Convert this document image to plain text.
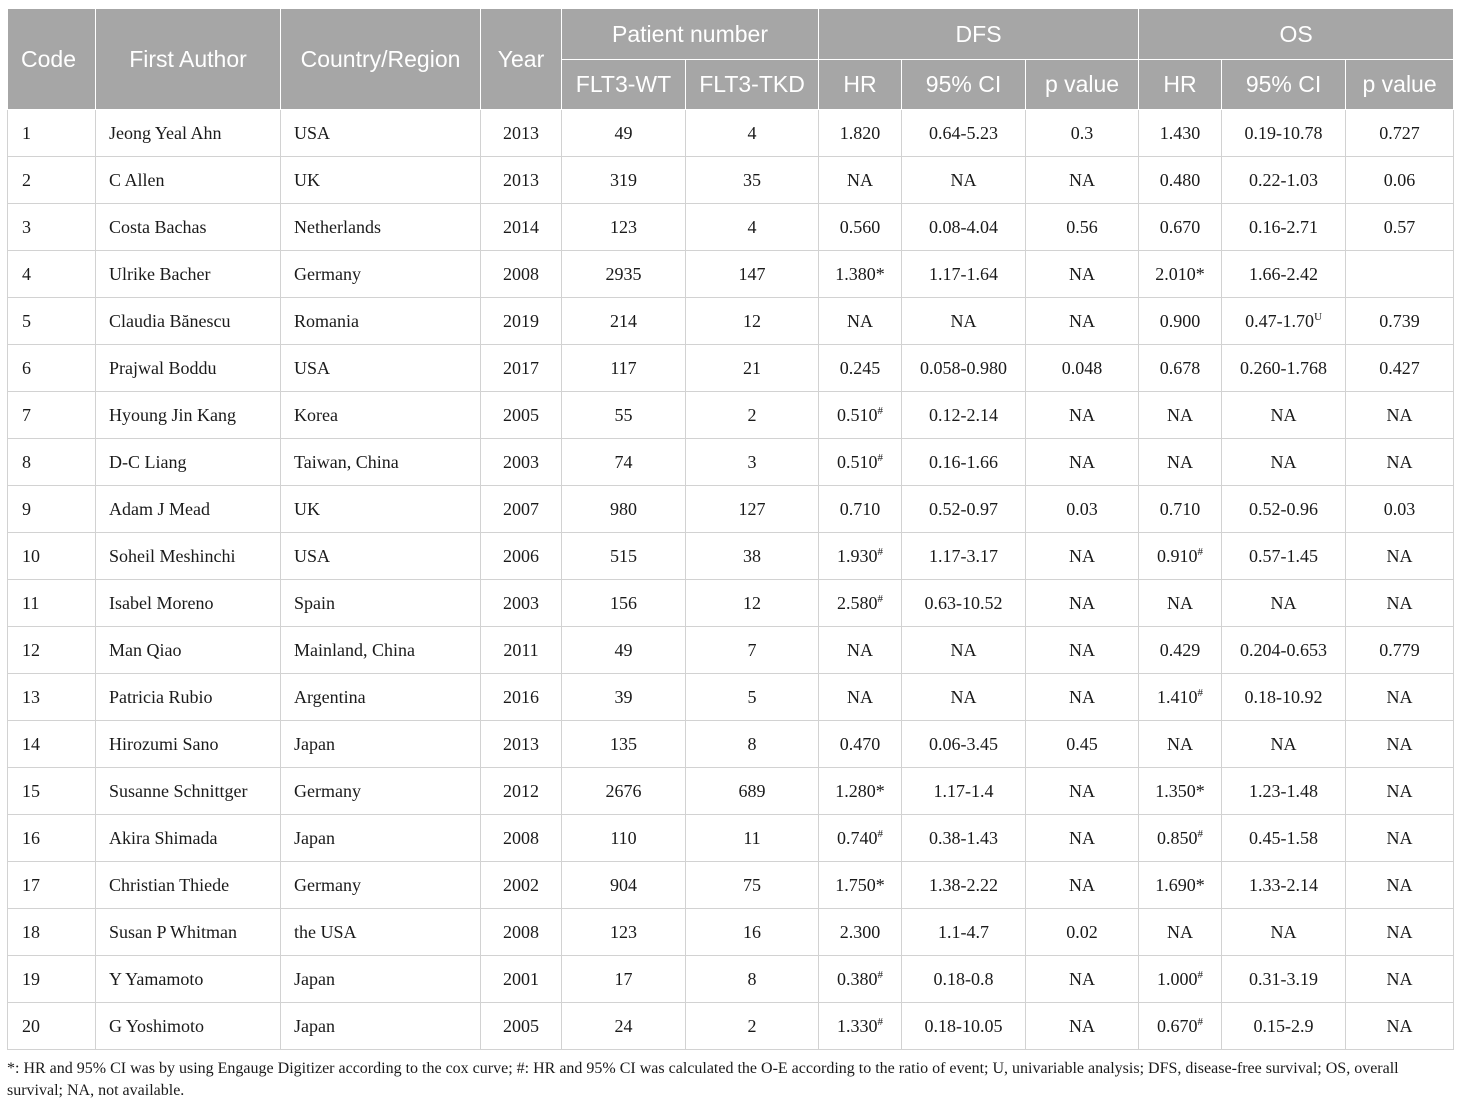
Code	First Author	Country/Region	Year	Patient number		DFS			OS		
				FLT3-WT	FLT3-TKD	HR	95% CI	p value	HR	95% CI	p value
1	Jeong Yeal Ahn	USA	2013	49	4	1.820	0.64-5.23	0.3	1.430	0.19-10.78	0.727
2	C Allen	UK	2013	319	35	NA	NA	NA	0.480	0.22-1.03	0.06
3	Costa Bachas	Netherlands	2014	123	4	0.560	0.08-4.04	0.56	0.670	0.16-2.71	0.57
4	Ulrike Bacher	Germany	2008	2935	147	1.380*	1.17-1.64	NA	2.010*	1.66-2.42	
5	Claudia Bănescu	Romania	2019	214	12	NA	NA	NA	0.900	$0.47-1.70^U$	0.739
6	Prajwal Boddu	USA	2017	117	21	0.245	0.058-0.980	0.048	0.678	0.260-1.768	0.427
7	Hyoung Jin Kang	Korea	2005	55	2	0.510#	0.12-2.14	NA	NA	NA	NA
8	D-C Liang	Taiwan, China	2003	74	3	0.510#	0.16-1.66	NA	NA	NA	NA
9	Adam J Mead	UK	2007	980	127	0.710	0.52-0.97	0.03	0.710	0.52-0.96	0.03
10	Soheil Meshinchi	USA	2006	515	38	1.930#	1.17-3.17	NA	0.910#	0.57-1.45	NA
11	Isabel Moreno	Spain	2003	156	12	2.580#	0.63-10.52	NA	NA	NA	NA
12	Man Qiao	Mainland, China	2011	49	7	NA	NA	NA	0.429	0.204-0.653	0.779
13	Patricia Rubio	Argentina	2016	39	5	NA	NA	NA	1.410#	0.18-10.92	NA
14	Hirozumi Sano	Japan	2013	135	8	0.470	0.06-3.45	0.45	NA	NA	NA
15	Susanne Schnittger	Germany	2012	2676	689	1.280*	1.17-1.4	NA	1.350*	1.23-1.48	NA
16	Akira Shimada	Japan	2008	110	11	0.740#	0.38-1.43	NA	0.850#	0.45-1.58	NA
17	Christian Thiede	Germany	2002	904	75	1.750*	1.38-2.22	NA	1.690*	1.33-2.14	NA
18	Susan P Whitman	the USA	2008	123	16	2.300	1.1-4.7	0.02	NA	NA	NA
19	Y Yamamoto	Japan	2001	17	8	0.380#	0.18-0.8	NA	1.000#	0.31-3.19	NA
20	G Yoshimoto	Japan	2005	24	2	1.330#	0.18-10.05	NA	0.670#	0.15-2.9	NA
*: HR and 95% CI was by using Engauge Digitizer according to the cox curve; #: HR and 95% CI was calculated the O-E according to the ratio of event; U, univariable analysis; DFS, disease-free survival; OS, overall survival; NA, not available.
